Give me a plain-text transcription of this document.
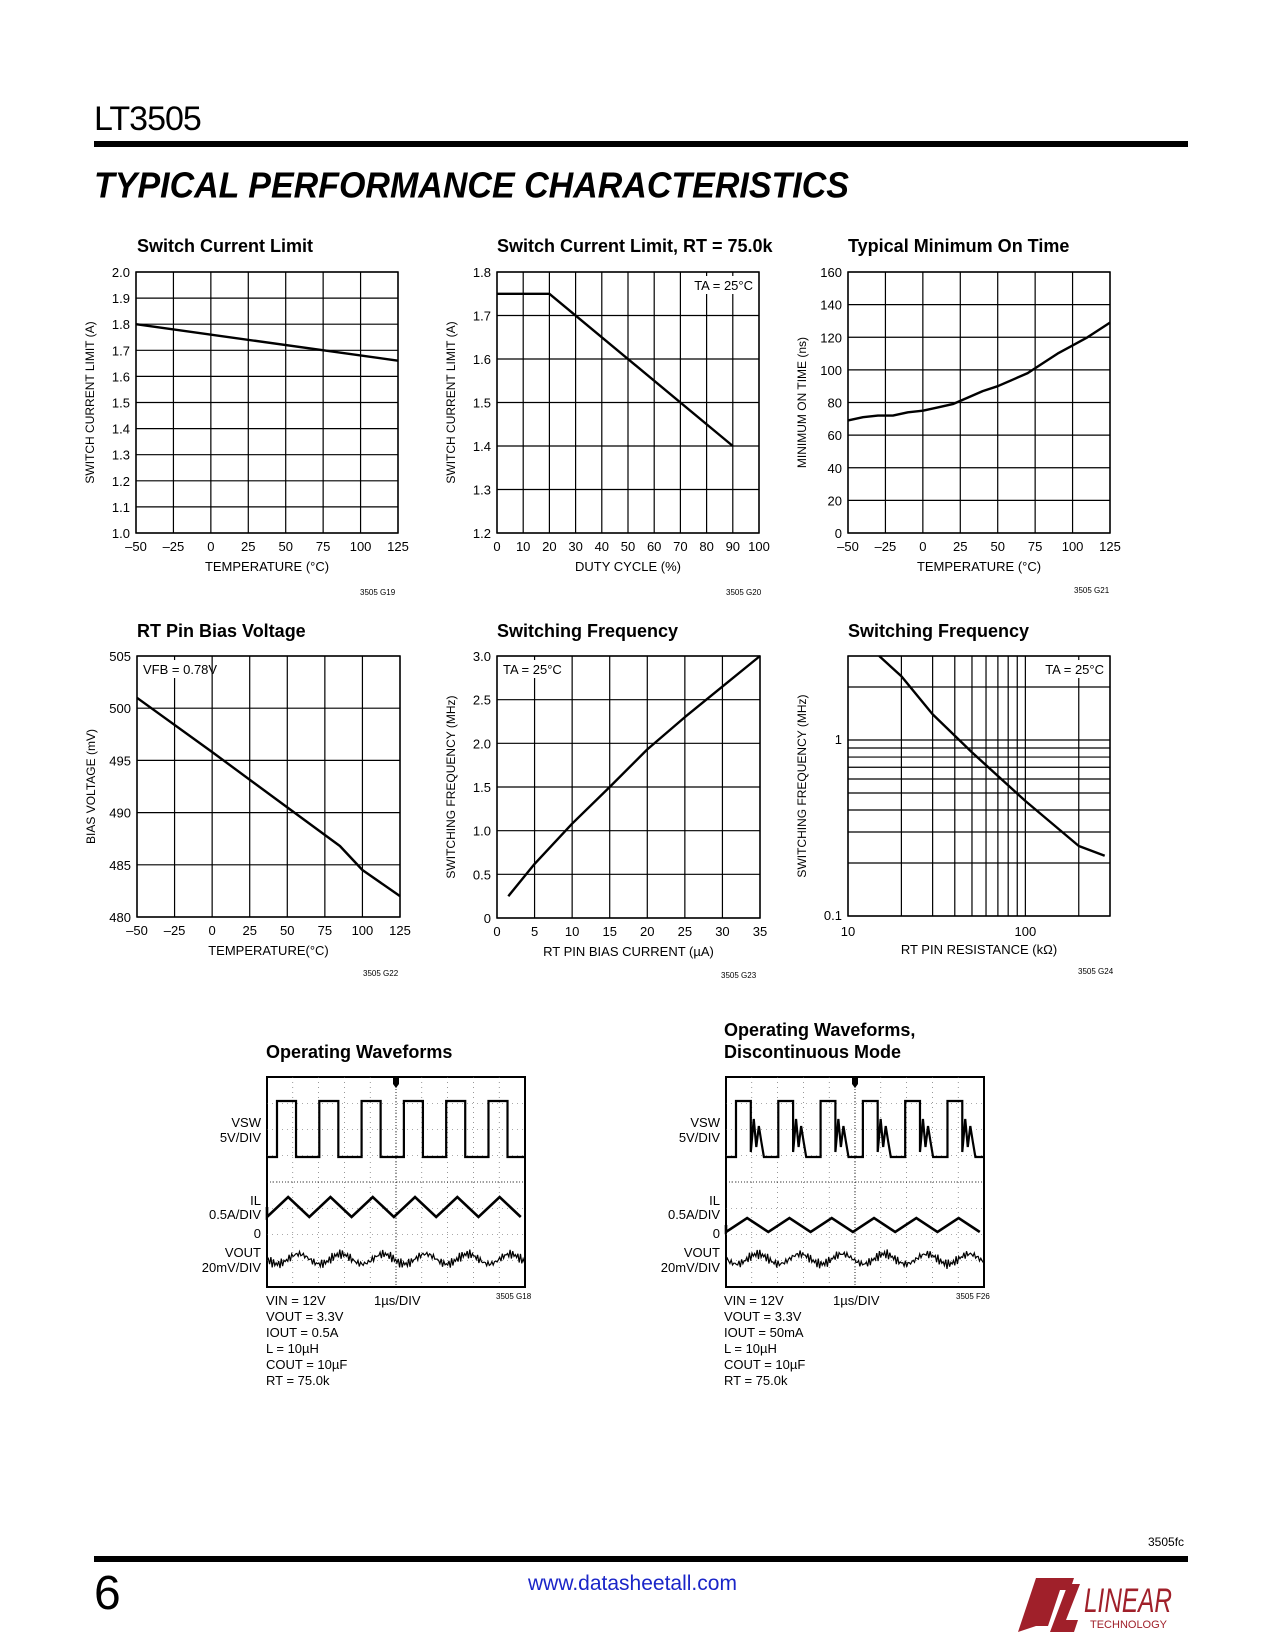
LT3505
TYPICAL PERFORMANCE CHARACTERISTICS
Switch Current Limit	Switch Current Limit, RT = 75.0k	Typical Minimum On Time
RT Pin Bias Voltage	Switching Frequency	Switching Frequency
–50 –25 0 25 50 75 100 125
1.0
1.1
1.2
1.3
1.4
1.5
1.6
1.7
1.8
1.9
2.0
TEMPERATURE (°C)
SWITCH CURRENT LIMIT (A)
0 10 20 30 40 50 60 70 80 90 100
1.2
1.3
1.4
1.5
1.6
1.7
1.8
DUTY CYCLE (%)
SWITCH CURRENT LIMIT (A)
TA = 25°C
–50 –25 0 25 50 75 100 125
0
20
40
60
80
100
120
140
160
TEMPERATURE (°C)
MINIMUM ON TIME (ns)
–50 –25 0 25 50 75 100 125
480
485
490
495
500
505
TEMPERATURE(°C)
BIAS VOLTAGE (mV)
VFB = 0.78V
0 5 10 15 20 25 30 35
0
0.5
1.0
1.5
2.0
2.5
3.0
RT PIN BIAS CURRENT (µA)
SWITCHING FREQUENCY (MHz)
TA = 25°C
10	100
0.1
1
RT PIN RESISTANCE (kΩ)
SWITCHING FREQUENCY (MHz)
TA = 25°C
VSW
5V/DIV
IL
0.5A/DIV
0
VOUT
20mV/DIV
VSW
5V/DIV
IL
0.5A/DIV
0
VOUT
20mV/DIV
3505 G19	3505 G20	3505 G21
3505 G22	3505 G23	3505 G24
Operating Waveforms
Operating Waveforms,
Discontinuous Mode
VIN = 12V
VOUT = 3.3V
IOUT = 0.5A
L = 10µH
COUT = 10µF
RT = 75.0k
VIN = 12V
VOUT = 3.3V
IOUT = 50mA
L = 10µH
COUT = 10µF
RT = 75.0k
1µs/DIV	1µs/DIV
3505 G18	3505 F26
3505fc
6	www.datasheetall.com	LINEAR
TECHNOLOGY
